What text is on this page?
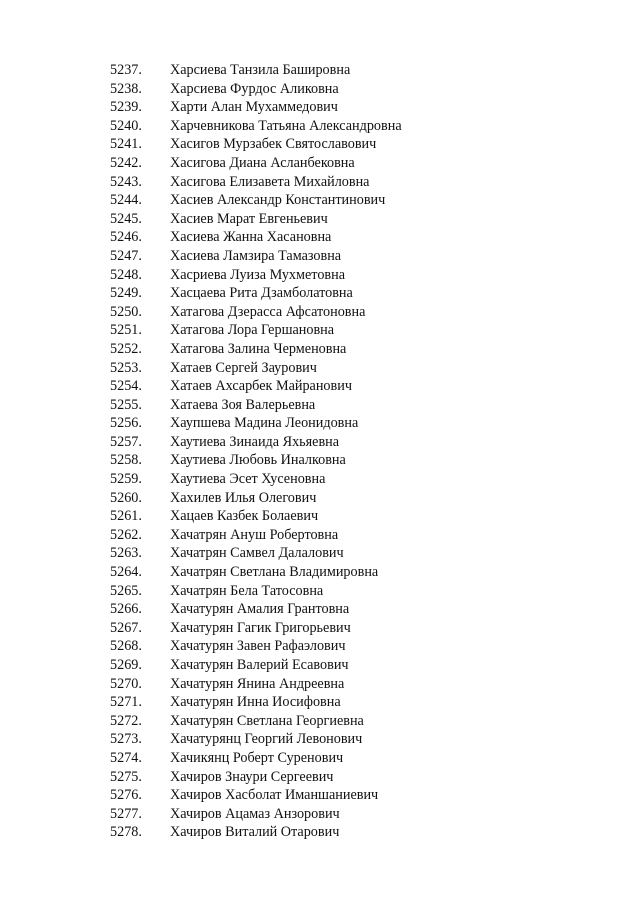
5237. Харсиева Танзила Башировна
5238. Харсиева Фурдос Аликовна
5239. Харти Алан Мухаммедович
5240. Харчевникова Татьяна Александровна
5241. Хасигов Мурзабек Святославович
5242. Хасигова Диана Асланбековна
5243. Хасигова Елизавета Михайловна
5244. Хасиев Александр Константинович
5245. Хасиев Марат Евгеньевич
5246. Хасиева Жанна Хасановна
5247. Хасиева Ламзира Тамазовна
5248. Хасриева Луиза Мухметовна
5249. Хасцаева Рита Дзамболатовна
5250. Хатагова Дзерасса Афсатоновна
5251. Хатагова Лора Гершановна
5252. Хатагова Залина Черменовна
5253. Хатаев Сергей Заурович
5254. Хатаев Ахсарбек Майранович
5255. Хатаева Зоя Валерьевна
5256. Хаупшева Мадина Леонидовна
5257. Хаутиева Зинаида Яхьяевна
5258. Хаутиева Любовь Иналковна
5259. Хаутиева Эсет Хусеновна
5260. Хахилев Илья Олегович
5261. Хацаев Казбек Болаевич
5262. Хачатрян Ануш Робертовна
5263. Хачатрян Самвел Далалович
5264. Хачатрян Светлана Владимировна
5265. Хачатрян Бела Татосовна
5266. Хачатурян Амалия Грантовна
5267. Хачатурян Гагик Григорьевич
5268. Хачатурян Завен Рафаэлович
5269. Хачатурян Валерий Есавович
5270. Хачатурян Янина Андреевна
5271. Хачатурян Инна Иосифовна
5272. Хачатурян Светлана Георгиевна
5273. Хачатурянц Георгий Левонович
5274. Хачикянц Роберт Суренович
5275. Хачиров Знаури Сергеевич
5276. Хачиров Хасболат Иманшаниевич
5277. Хачиров Ацамаз Анзорович
5278. Хачиров Виталий Отарович
